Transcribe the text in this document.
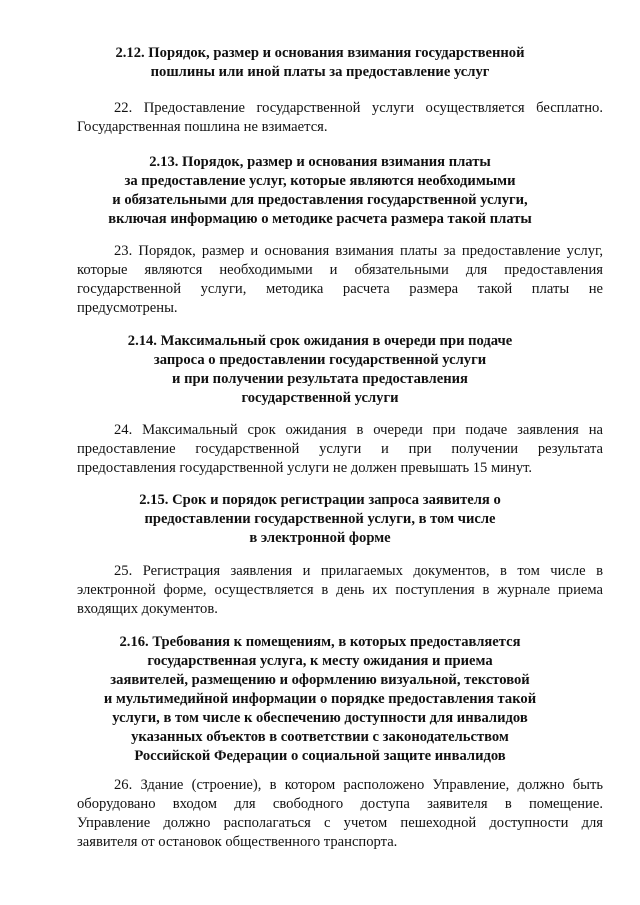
2.12. Порядок, размер и основания взимания государственной
пошлины или иной платы за предоставление услуг
22. Предоставление государственной услуги осуществляется бесплатно.
Государственная пошлина не взимается.
2.13. Порядок, размер и основания взимания платы
за предоставление услуг, которые являются необходимыми
и обязательными для предоставления государственной услуги,
включая информацию о методике расчета размера такой платы
23. Порядок, размер и основания взимания платы за предоставление услуг,
которые являются необходимыми и обязательными для предоставления
государственной услуги, методика расчета размера такой платы не
предусмотрены.
2.14. Максимальный срок ожидания в очереди при подаче
запроса о предоставлении государственной услуги
и при получении результата предоставления
государственной услуги
24. Максимальный срок ожидания в очереди при подаче заявления на
предоставление государственной услуги и при получении результата
предоставления государственной услуги не должен превышать 15 минут.
2.15. Срок и порядок регистрации запроса заявителя о
предоставлении государственной услуги, в том числе
в электронной форме
25. Регистрация заявления и прилагаемых документов, в том числе в
электронной форме, осуществляется в день их поступления в журнале приема
входящих документов.
2.16. Требования к помещениям, в которых предоставляется
государственная услуга, к месту ожидания и приема
заявителей, размещению и оформлению визуальной, текстовой
и мультимедийной информации о порядке предоставления такой
услуги, в том числе к обеспечению доступности для инвалидов
указанных объектов в соответствии с законодательством
Российской Федерации о социальной защите инвалидов
26. Здание (строение), в котором расположено Управление, должно быть
оборудовано входом для свободного доступа заявителя в помещение.
Управление должно располагаться с учетом пешеходной доступности для
заявителя от остановок общественного транспорта.
